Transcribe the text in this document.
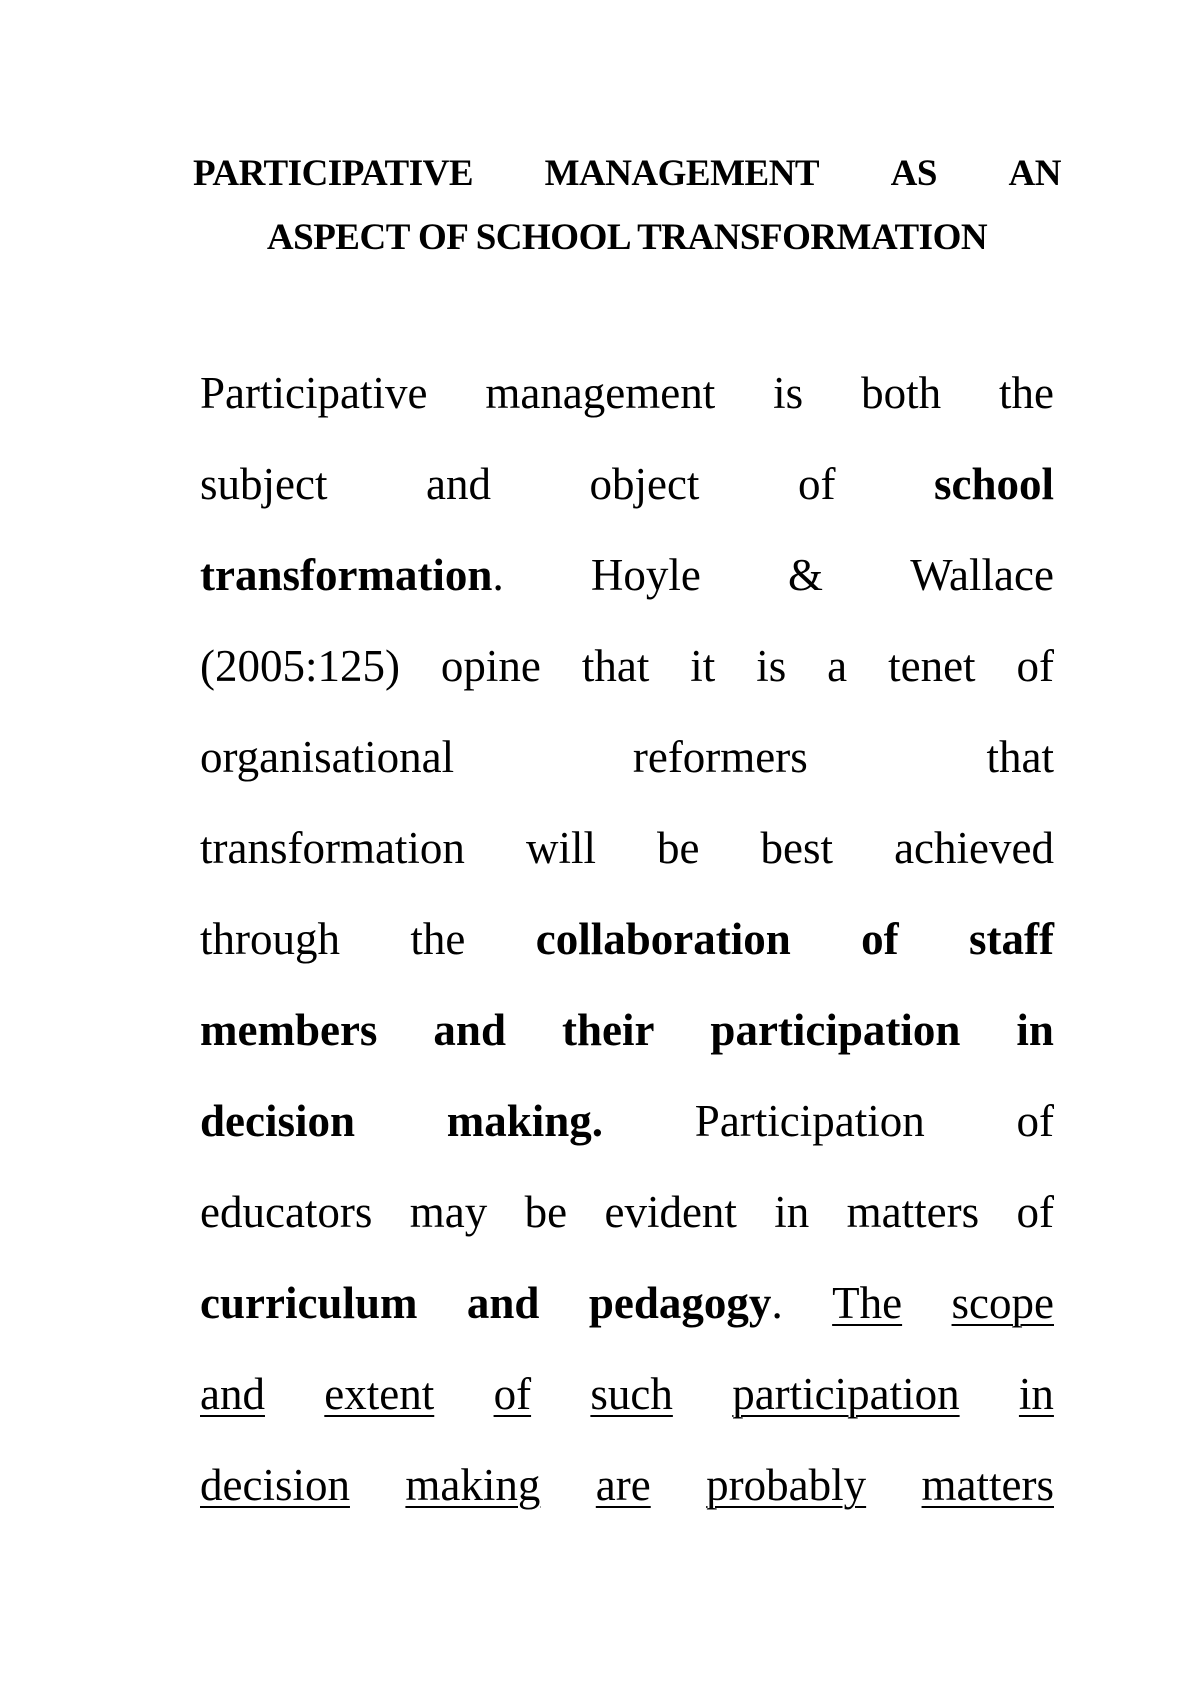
PARTICIPATIVE MANAGEMENT AS AN
ASPECT OF SCHOOL TRANSFORMATION
Participative management is both the
subject and object of school
transformation. Hoyle & Wallace
(2005:125) opine that it is a tenet of
organisational	reformers	that
transformation will be best achieved
through the collaboration of staff
members and their participation in
decision making. Participation of
educators may be evident in matters of
curriculum and pedagogy. The scope
and extent of such participation in
decision making are probably matters
